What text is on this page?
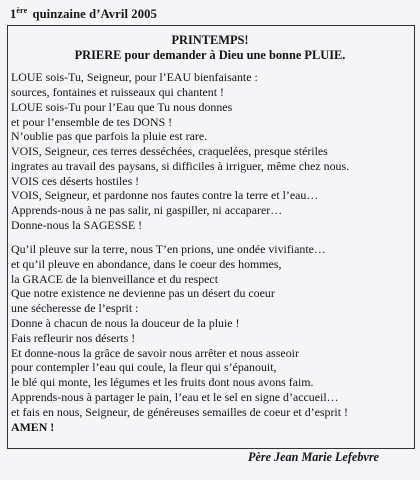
1ère quinzaine d’Avril 2005
PRINTEMPS!
PRIERE pour demander à Dieu une bonne PLUIE.
LOUE sois-Tu, Seigneur, pour l’EAU bienfaisante :
sources, fontaines et ruisseaux qui chantent !
LOUE sois-Tu pour l’Eau que Tu nous donnes
et pour l’ensemble de tes DONS !
N’oublie pas que parfois la pluie est rare.
VOIS, Seigneur, ces terres desséchées, craquelées, presque stériles
ingrates au travail des paysans, si difficiles à irriguer, même chez nous.
VOIS ces déserts hostiles !
VOIS, Seigneur, et pardonne nos fautes contre la terre et l’eau…
Apprends-nous à ne pas salir, ni gaspiller, ni accaparer…
Donne-nous la SAGESSE !
Qu’il pleuve sur la terre, nous T’en prions, une ondée vivifiante…
et qu’il pleuve en abondance, dans le coeur des hommes,
la GRACE de la bienveillance et du respect
Que notre existence ne devienne pas un désert du coeur
une sécheresse de l’esprit :
Donne à chacun de nous la douceur de la pluie !
Fais refleurir nos déserts !
Et donne-nous la grâce de savoir nous arrêter et nous asseoir
pour contempler l’eau qui coule, la fleur qui s’épanouit,
le blé qui monte, les légumes et les fruits dont nous avons faim.
Apprends-nous à partager le pain, l’eau et le sel en signe d’accueil…
et fais en nous, Seigneur, de généreuses semailles de coeur et d’esprit !
AMEN !
Père Jean Marie Lefebvre
